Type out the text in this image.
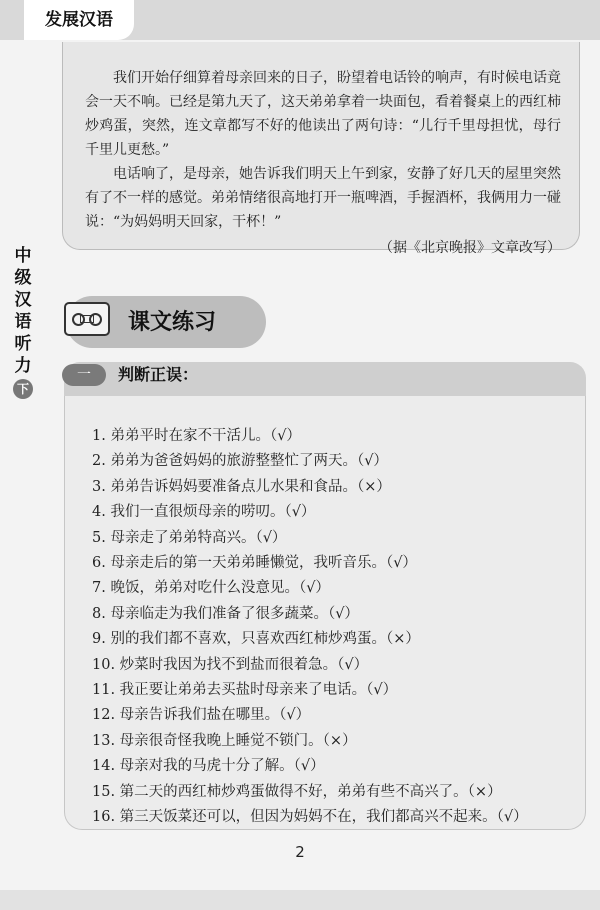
发展汉语

我们开始仔细算着母亲回来的日子，盼望着电话铃的响声，有时候电话竟会一天不响。已经是第九天了，这天弟弟拿着一块面包，看着餐桌上的西红柿炒鸡蛋，突然，连文章都写不好的他读出了两句诗：“儿行千里母担忧，母行千里儿更愁。”

电话响了，是母亲，她告诉我们明天上午到家，安静了好几天的屋里突然有了不一样的感觉。弟弟情绪很高地打开一瓶啤酒，手握酒杯，我俩用力一碰说：“为妈妈明天回家，干杯！”

（据《北京晚报》文章改写）

中
级
汉
语
听
力
下
课文练习
一	判断正误：
1. 弟弟平时在家不干活儿。（√）
2. 弟弟为爸爸妈妈的旅游整整忙了两天。（√）
3. 弟弟告诉妈妈要准备点儿水果和食品。（×）
4. 我们一直很烦母亲的唠叨。（√）
5. 母亲走了弟弟特高兴。（√）
6. 母亲走后的第一天弟弟睡懒觉，我听音乐。（√）
7. 晚饭，弟弟对吃什么没意见。（√）
8. 母亲临走为我们准备了很多蔬菜。（√）
9. 别的我们都不喜欢，只喜欢西红柿炒鸡蛋。（×）
10. 炒菜时我因为找不到盐而很着急。（√）
11. 我正要让弟弟去买盐时母亲来了电话。（√）
12. 母亲告诉我们盐在哪里。（√）
13. 母亲很奇怪我晚上睡觉不锁门。（×）
14. 母亲对我的马虎十分了解。（√）
15. 第二天的西红柿炒鸡蛋做得不好，弟弟有些不高兴了。（×）
16. 第三天饭菜还可以，但因为妈妈不在，我们都高兴不起来。（√）
2
